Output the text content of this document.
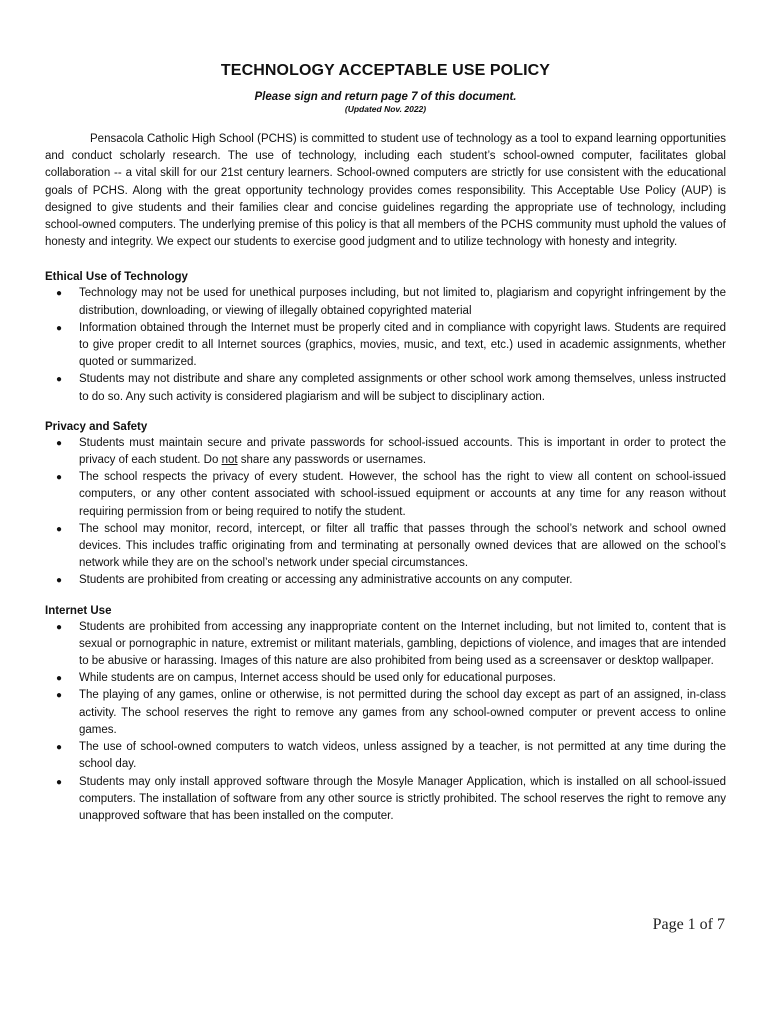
TECHNOLOGY ACCEPTABLE USE POLICY

Please sign and return page 7 of this document.

(Updated Nov. 2022)

Pensacola Catholic High School (PCHS) is committed to student use of technology as a tool to expand learning opportunities and conduct scholarly research. The use of technology, including each student’s school-owned computer, facilitates global collaboration -- a vital skill for our 21st century learners. School-owned computers are strictly for use consistent with the educational goals of PCHS. Along with the great opportunity technology provides comes responsibility. This Acceptable Use Policy (AUP) is designed to give students and their families clear and concise guidelines regarding the appropriate use of technology, including school-owned computers. The underlying premise of this policy is that all members of the PCHS community must uphold the values of honesty and integrity. We expect our students to exercise good judgment and to utilize technology with honesty and integrity.

Ethical Use of Technology
● Technology may not be used for unethical purposes including, but not limited to, plagiarism and copyright infringement by the distribution, downloading, or viewing of illegally obtained copyrighted material
● Information obtained through the Internet must be properly cited and in compliance with copyright laws. Students are required to give proper credit to all Internet sources (graphics, movies, music, and text, etc.) used in academic assignments, whether quoted or summarized.
● Students may not distribute and share any completed assignments or other school work among themselves, unless instructed to do so. Any such activity is considered plagiarism and will be subject to disciplinary action.
Privacy and Safety
● Students must maintain secure and private passwords for school-issued accounts. This is important in order to protect the privacy of each student. Do not share any passwords or usernames.
● The school respects the privacy of every student. However, the school has the right to view all content on school-issued computers, or any other content associated with school-issued equipment or accounts at any time for any reason without requiring permission from or being required to notify the student.
● The school may monitor, record, intercept, or filter all traffic that passes through the school’s network and school owned devices. This includes traffic originating from and terminating at personally owned devices that are allowed on the school’s network while they are on the school’s network under special circumstances.
● Students are prohibited from creating or accessing any administrative accounts on any computer.
Internet Use
● Students are prohibited from accessing any inappropriate content on the Internet including, but not limited to, content that is sexual or pornographic in nature, extremist or militant materials, gambling, depictions of violence, and images that are intended to be abusive or harassing. Images of this nature are also prohibited from being used as a screensaver or desktop wallpaper.
● While students are on campus, Internet access should be used only for educational purposes.
● The playing of any games, online or otherwise, is not permitted during the school day except as part of an assigned, in-class activity. The school reserves the right to remove any games from any school-owned computer or prevent access to online games.
● The use of school-owned computers to watch videos, unless assigned by a teacher, is not permitted at any time during the school day.
● Students may only install approved software through the Mosyle Manager Application, which is installed on all school-issued computers. The installation of software from any other source is strictly prohibited. The school reserves the right to remove any unapproved software that has been installed on the computer.
Page 1 of 7
